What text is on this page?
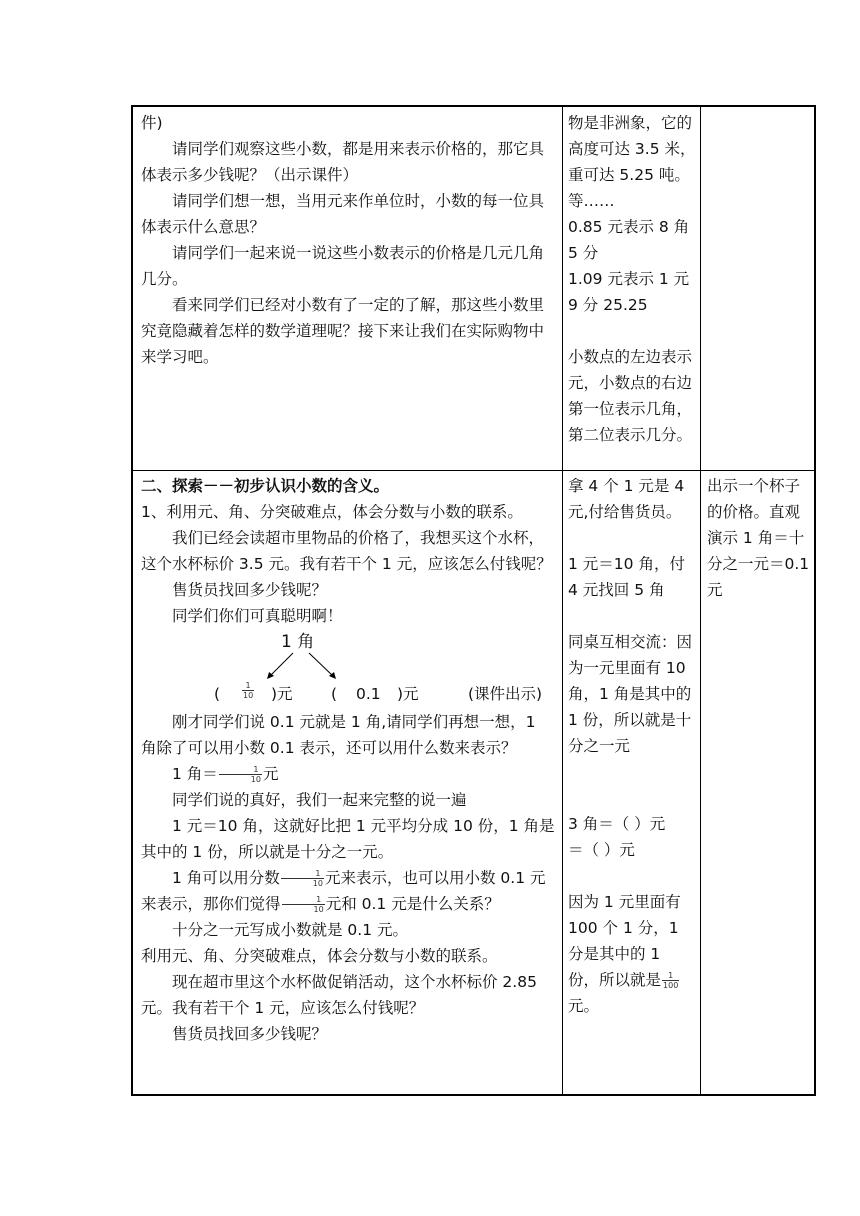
件)

请同学们观察这些小数，都是用来表示价格的，那它具体表示多少钱呢？（出示课件）

请同学们想一想，当用元来作单位时，小数的每一位具体表示什么意思？

请同学们一起来说一说这些小数表示的价格是几元几角几分。

看来同学们已经对小数有了一定的了解，那这些小数里究竟隐藏着怎样的数学道理呢？接下来让我们在实际购物中来学习吧。

物是非洲象，它的高度可达 3.5 米，重可达 5.25 吨。等……

0.85 元表示 8 角 5 分

1.09 元表示 1 元 9 分 25.25

小数点的左边表示元，小数点的右边第一位表示几角，第二位表示几分。

二、探索－－初步认识小数的含义。

1、利用元、角、分突破难点，体会分数与小数的联系。

我们已经会读超市里物品的价格了，我想买这个水杯，这个水杯标价 3.5 元。我有若干个 1 元，应该怎么付钱呢？

售货员找回多少钱呢？

同学们你们可真聪明啊！

1 角
(	$\frac{1}{10}$ )元 ( 0.1 )元	(课件出示)

刚才同学们说 0.1 元就是 1 角,请同学们再想一想，1 角除了可以用小数 0.1 表示，还可以用什么数来表示？

1 角＝ $\frac{1}{10}$ 元

同学们说的真好，我们一起来完整的说一遍

1 元＝10 角，这就好比把 1 元平均分成 10 份，1 角是其中的 1 份，所以就是十分之一元。

1 角可以用分数 $\frac{1}{10}$ 元来表示，也可以用小数 0.1 元来表示，那你们觉得 $\frac{1}{10}$ 元和 0.1 元是什么关系？

十分之一元写成小数就是 0.1 元。

利用元、角、分突破难点，体会分数与小数的联系。

现在超市里这个水杯做促销活动，这个水杯标价 2.85 元。我有若干个 1 元，应该怎么付钱呢？

售货员找回多少钱呢？

拿 4 个 1 元是 4 元,付给售货员。

1 元＝10 角，付 4 元找回 5 角

同桌互相交流：因为一元里面有 10 角，1 角是其中的 1 份，所以就是十分之一元

3 角＝（ ）元

＝（ ）元

因为 1 元里面有 100 个 1 分，1 分是其中的 1 份，所以就是 $\frac{1}{100}$
元。

出示一个杯子的价格。直观演示 1 角＝十分之一元＝0.1 元
